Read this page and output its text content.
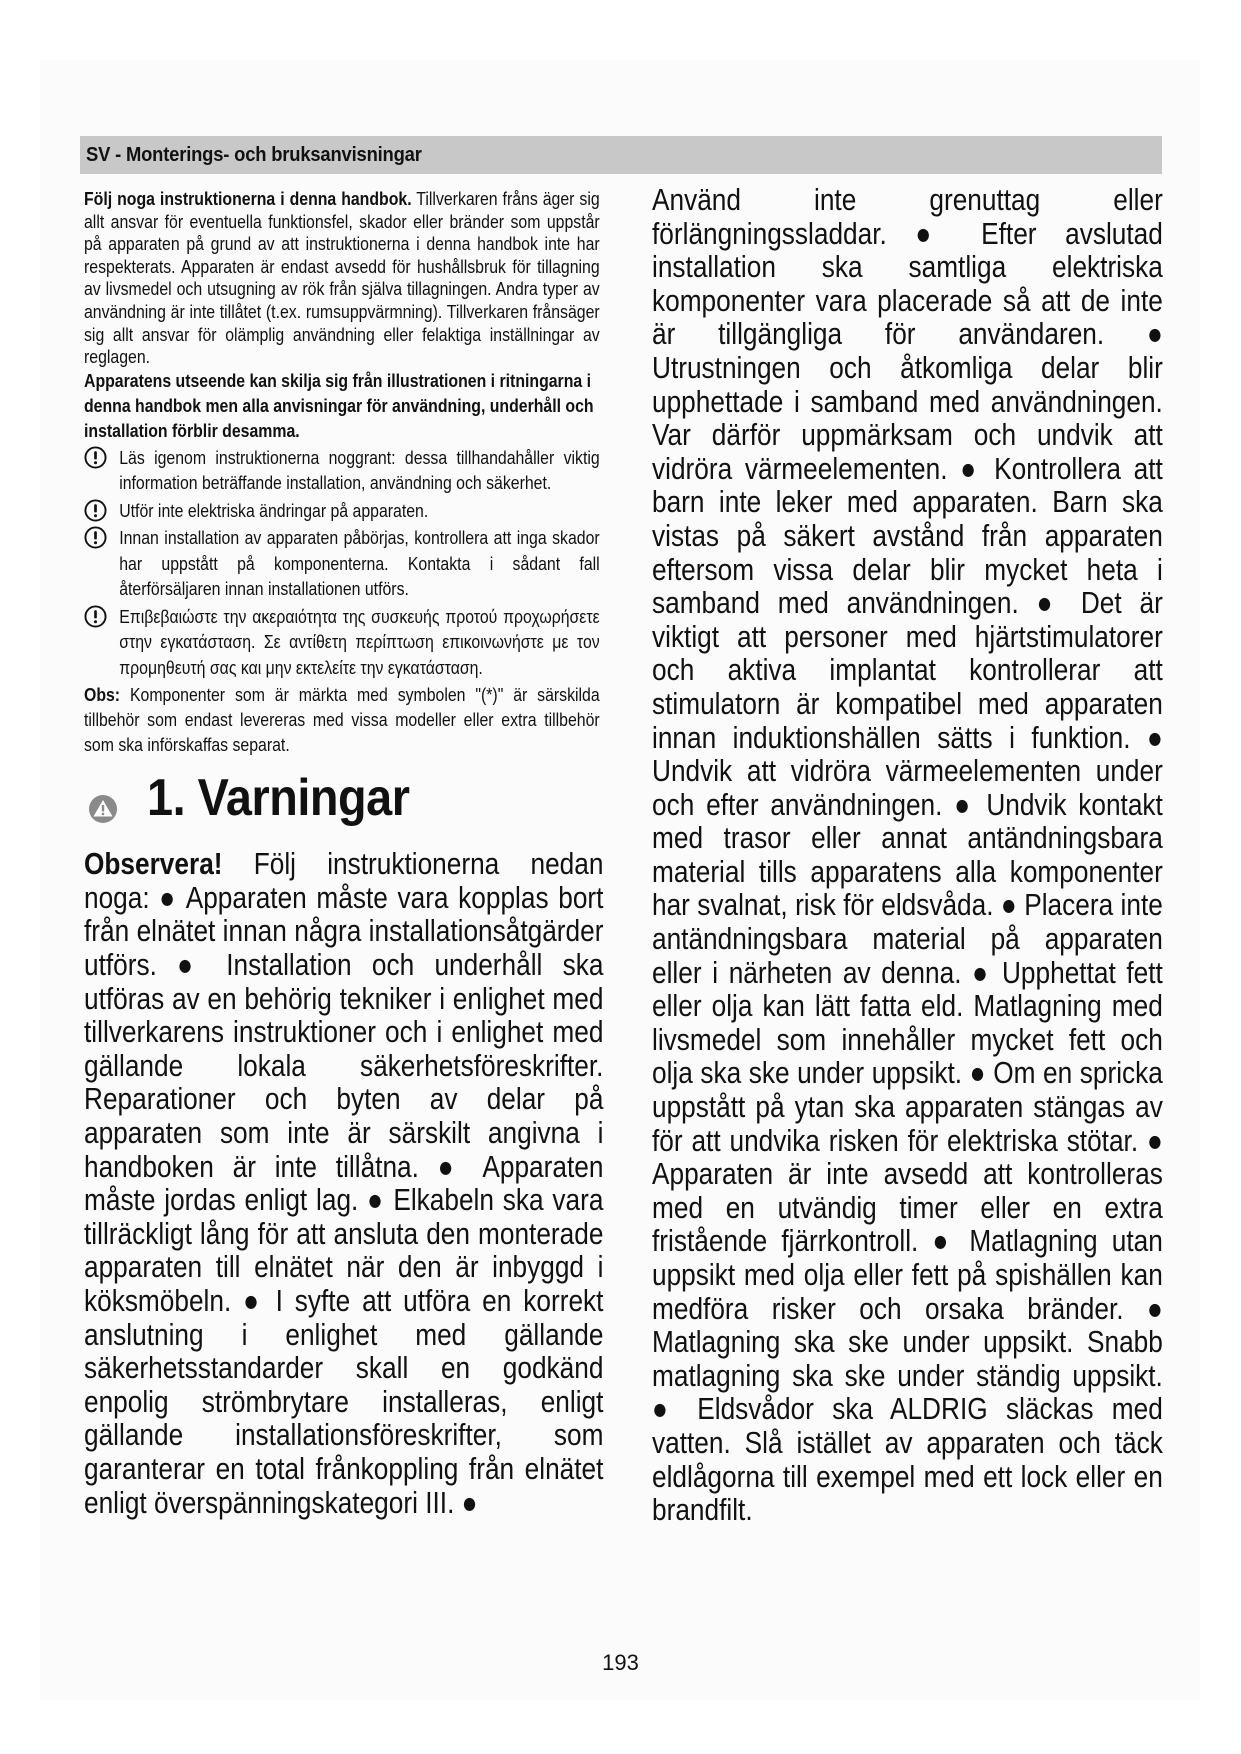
SV - Monterings- och bruksanvisningar

Följ noga instruktionerna i denna handbok. Tillverkaren fråns äger sig allt ansvar för eventuella funktionsfel, skador eller bränder som uppstår på apparaten på grund av att instruktionerna i denna handbok inte har respekterats. Apparaten är endast avsedd för hushållsbruk för tillagning av livsmedel och utsugning av rök från själva tillagningen. Andra typer av användning är inte tillåtet (t.ex. rumsuppvärmning). Tillverkaren frånsäger sig allt ansvar för olämplig användning eller felaktiga inställningar av reglagen.

Apparatens utseende kan skilja sig från illustrationen i ritningarna i denna handbok men alla anvisningar för användning, underhåll och installation förblir desamma.

Läs igenom instruktionerna noggrant: dessa tillhandahåller viktig information beträffande installation, användning och säkerhet.

Utför inte elektriska ändringar på apparaten.

Innan installation av apparaten påbörjas, kontrollera att inga skador har uppstått på komponenterna. Kontakta i sådant fall återförsäljaren innan installationen utförs.

Επιβεβαιώστε την ακεραιότητα της συσκευής προτού προχωρήσετε στην εγκατάσταση. Σε αντίθετη περίπτωση επικοινωνήστε με τον προμηθευτή σας και μην εκτελείτε την εγκατάσταση.

Obs: Komponenter som är märkta med symbolen "(*)" är särskilda tillbehör som endast levereras med vissa modeller eller extra tillbehör som ska införskaffas separat.

1. Varningar

Observera! Följ instruktionerna nedan noga: ● Apparaten måste vara kopplas bort från elnätet innan några installationsåtgärder utförs. ● Installation och underhåll ska utföras av en behörig tekniker i enlighet med tillverkarens instruktioner och i enlighet med gällande lokala säkerhetsföreskrifter. Reparationer och byten av delar på apparaten som inte är särskilt angivna i handboken är inte tillåtna. ● Apparaten måste jordas enligt lag. ● Elkabeln ska vara tillräckligt lång för att ansluta den monterade apparaten till elnätet när den är inbyggd i köksmöbeln. ● I syfte att utföra en korrekt anslutning i enlighet med gällande säkerhetsstandarder skall en godkänd enpolig strömbrytare installeras, enligt gällande installationsföreskrifter, som garanterar en total frånkoppling från elnätet enligt överspänningskategori III. ●

Använd inte grenuttag eller förlängningssladdar. ● Efter avslutad installation ska samtliga elektriska komponenter vara placerade så att de inte är tillgängliga för användaren. ● Utrustningen och åtkomliga delar blir upphettade i samband med användningen. Var därför uppmärksam och undvik att vidröra värmeelementen. ● Kontrollera att barn inte leker med apparaten. Barn ska vistas på säkert avstånd från apparaten eftersom vissa delar blir mycket heta i samband med användningen. ● Det är viktigt att personer med hjärtstimulatorer och aktiva implantat kontrollerar att stimulatorn är kompatibel med apparaten innan induktionshällen sätts i funktion. ● Undvik att vidröra värmeelementen under och efter användningen. ● Undvik kontakt med trasor eller annat antändningsbara material tills apparatens alla komponenter har svalnat, risk för eldsvåda. ● Placera inte antändningsbara material på apparaten eller i närheten av denna. ● Upphettat fett eller olja kan lätt fatta eld. Matlagning med livsmedel som innehåller mycket fett och olja ska ske under uppsikt. ● Om en spricka uppstått på ytan ska apparaten stängas av för att undvika risken för elektriska stötar. ● Apparaten är inte avsedd att kontrolleras med en utvändig timer eller en extra fristående fjärrkontroll. ● Matlagning utan uppsikt med olja eller fett på spishällen kan medföra risker och orsaka bränder. ● Matlagning ska ske under uppsikt. Snabb matlagning ska ske under ständig uppsikt. ● Eldsvådor ska ALDRIG släckas med vatten. Slå istället av apparaten och täck eldlågorna till exempel med ett lock eller en brandfilt.

193
